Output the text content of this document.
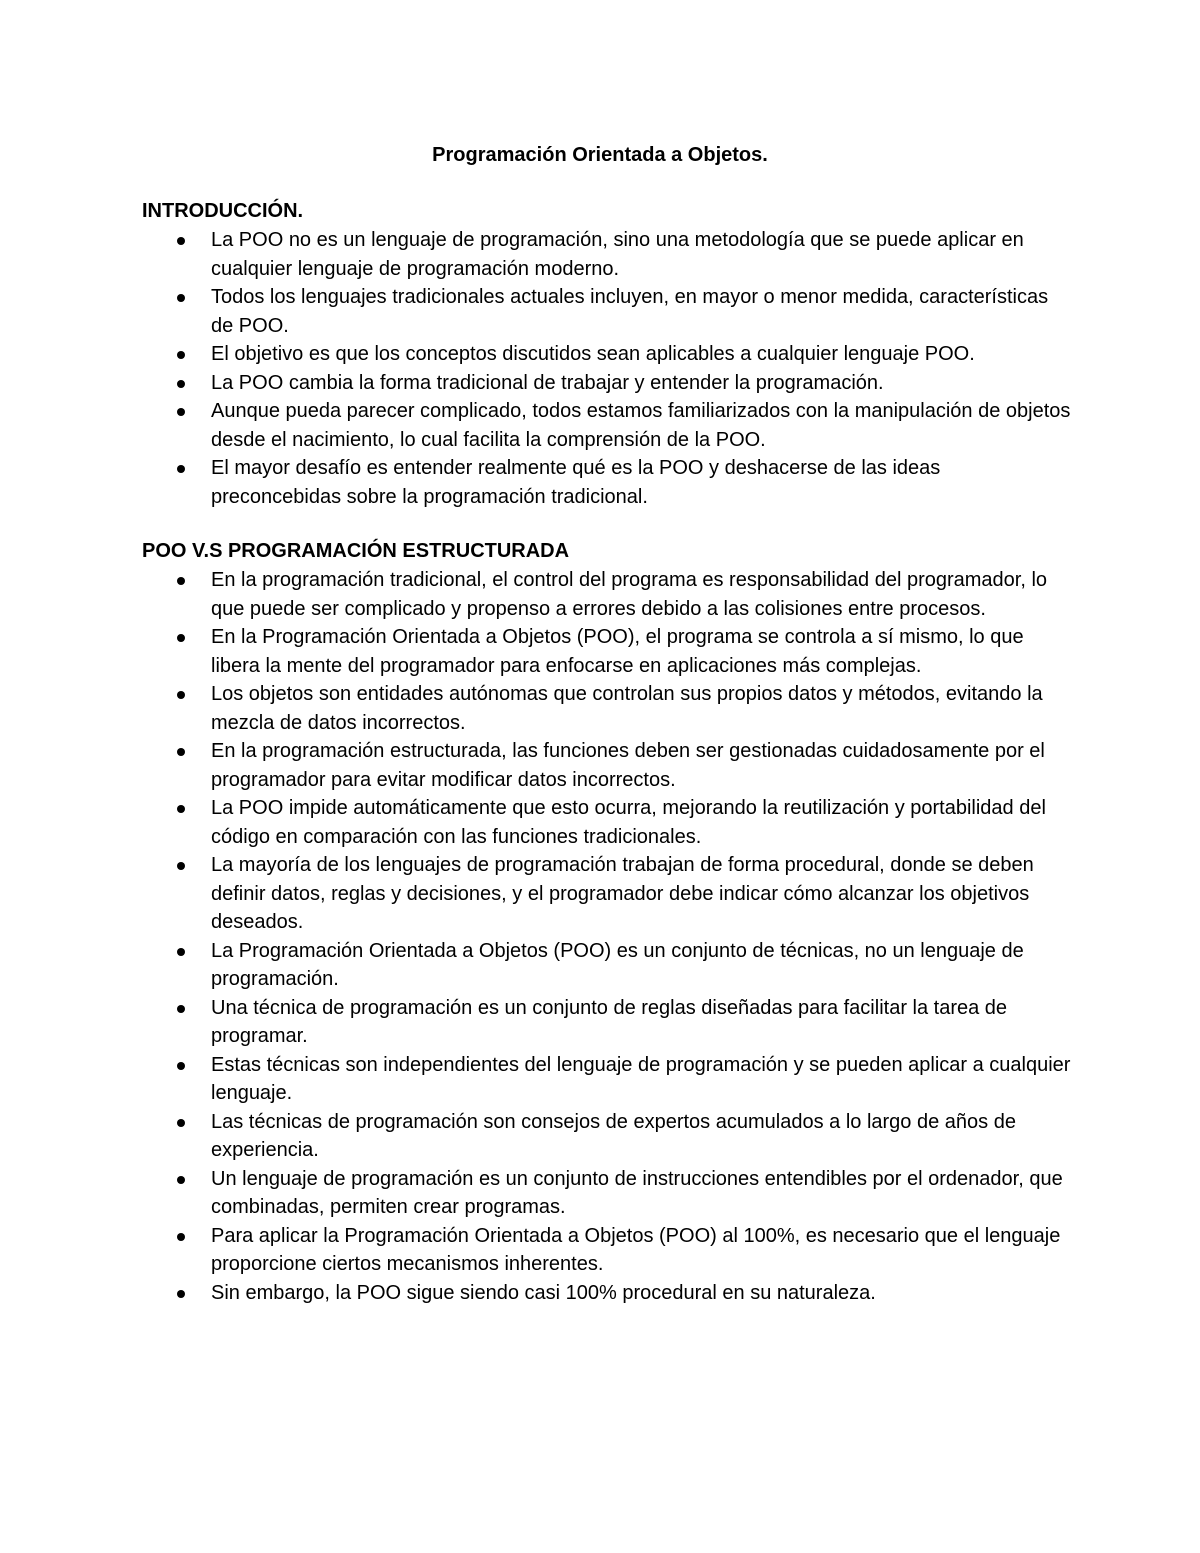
Programación Orientada a Objetos.
INTRODUCCIÓN.
La POO no es un lenguaje de programación, sino una metodología que se puede aplicar en cualquier lenguaje de programación moderno.
Todos los lenguajes tradicionales actuales incluyen, en mayor o menor medida, características de POO.
El objetivo es que los conceptos discutidos sean aplicables a cualquier lenguaje POO.
La POO cambia la forma tradicional de trabajar y entender la programación.
Aunque pueda parecer complicado, todos estamos familiarizados con la manipulación de objetos desde el nacimiento, lo cual facilita la comprensión de la POO.
El mayor desafío es entender realmente qué es la POO y deshacerse de las ideas preconcebidas sobre la programación tradicional.
POO V.S PROGRAMACIÓN ESTRUCTURADA
En la programación tradicional, el control del programa es responsabilidad del programador, lo que puede ser complicado y propenso a errores debido a las colisiones entre procesos.
En la Programación Orientada a Objetos (POO), el programa se controla a sí mismo, lo que libera la mente del programador para enfocarse en aplicaciones más complejas.
Los objetos son entidades autónomas que controlan sus propios datos y métodos, evitando la mezcla de datos incorrectos.
En la programación estructurada, las funciones deben ser gestionadas cuidadosamente por el programador para evitar modificar datos incorrectos.
La POO impide automáticamente que esto ocurra, mejorando la reutilización y portabilidad del código en comparación con las funciones tradicionales.
La mayoría de los lenguajes de programación trabajan de forma procedural, donde se deben definir datos, reglas y decisiones, y el programador debe indicar cómo alcanzar los objetivos deseados.
La Programación Orientada a Objetos (POO) es un conjunto de técnicas, no un lenguaje de programación.
Una técnica de programación es un conjunto de reglas diseñadas para facilitar la tarea de programar.
Estas técnicas son independientes del lenguaje de programación y se pueden aplicar a cualquier lenguaje.
Las técnicas de programación son consejos de expertos acumulados a lo largo de años de experiencia.
Un lenguaje de programación es un conjunto de instrucciones entendibles por el ordenador, que combinadas, permiten crear programas.
Para aplicar la Programación Orientada a Objetos (POO) al 100%, es necesario que el lenguaje proporcione ciertos mecanismos inherentes.
Sin embargo, la POO sigue siendo casi 100% procedural en su naturaleza.
